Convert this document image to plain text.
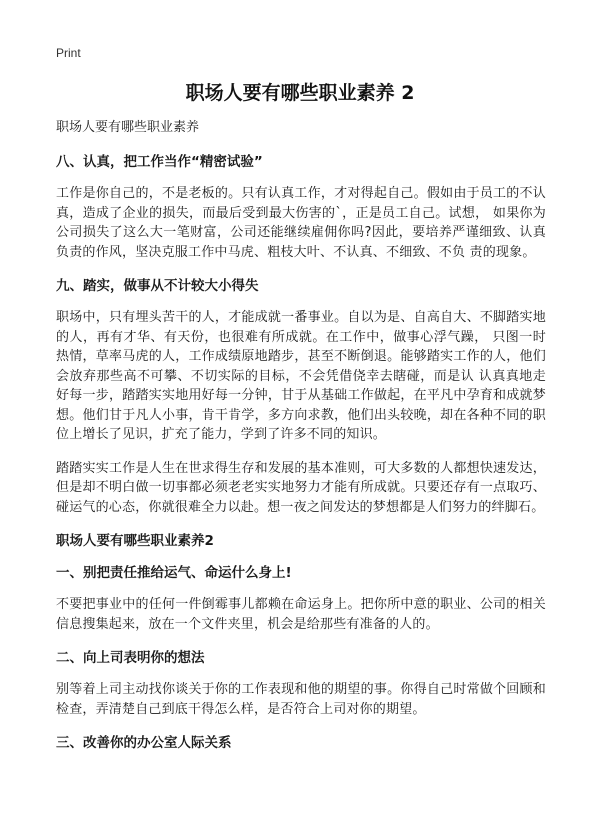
Print
职场人要有哪些职业素养 2
职场人要有哪些职业素养
八、认真，把工作当作“精密试验”

工作是你自己的，不是老板的。只有认真工作，才对得起自己。假如由于员工的不认真，造成了企业的损失，而最后受到最大伤害的`，正是员工自己。试想， 如果你为公司损失了这么大一笔财富，公司还能继续雇佣你吗?因此，要培养严谨细致、认真负责的作风，坚决克服工作中马虎、粗枝大叶、不认真、不细致、不负 责的现象。

九、踏实，做事从不计较大小得失

职场中，只有埋头苦干的人，才能成就一番事业。自以为是、自高自大、不脚踏实地的人，再有才华、有天份，也很难有所成就。在工作中，做事心浮气躁， 只图一时热情，草率马虎的人，工作成绩原地踏步，甚至不断倒退。能够踏实工作的人，他们会放弃那些高不可攀、不切实际的目标，不会凭借侥幸去瞎碰，而是认 认真真地走好每一步，踏踏实实地用好每一分钟，甘于从基础工作做起，在平凡中孕育和成就梦想。他们甘于凡人小事，肯干肯学，多方向求教，他们出头较晚，却在各种不同的职位上增长了见识，扩充了能力，学到了许多不同的知识。

踏踏实实工作是人生在世求得生存和发展的基本准则，可大多数的人都想快速发达，但是却不明白做一切事都必须老老实实地努力才能有所成就。只要还存有一点取巧、碰运气的心态，你就很难全力以赴。想一夜之间发达的梦想都是人们努力的绊脚石。

职场人要有哪些职业素养2
一、别把责任推给运气、命运什么身上!

不要把事业中的任何一件倒霉事儿都赖在命运身上。把你所中意的职业、公司的相关信息搜集起来，放在一个文件夹里，机会是给那些有准备的人的。

二、向上司表明你的想法

别等着上司主动找你谈关于你的工作表现和他的期望的事。你得自己时常做个回顾和检查，弄清楚自己到底干得怎么样，是否符合上司对你的期望。

三、改善你的办公室人际关系
